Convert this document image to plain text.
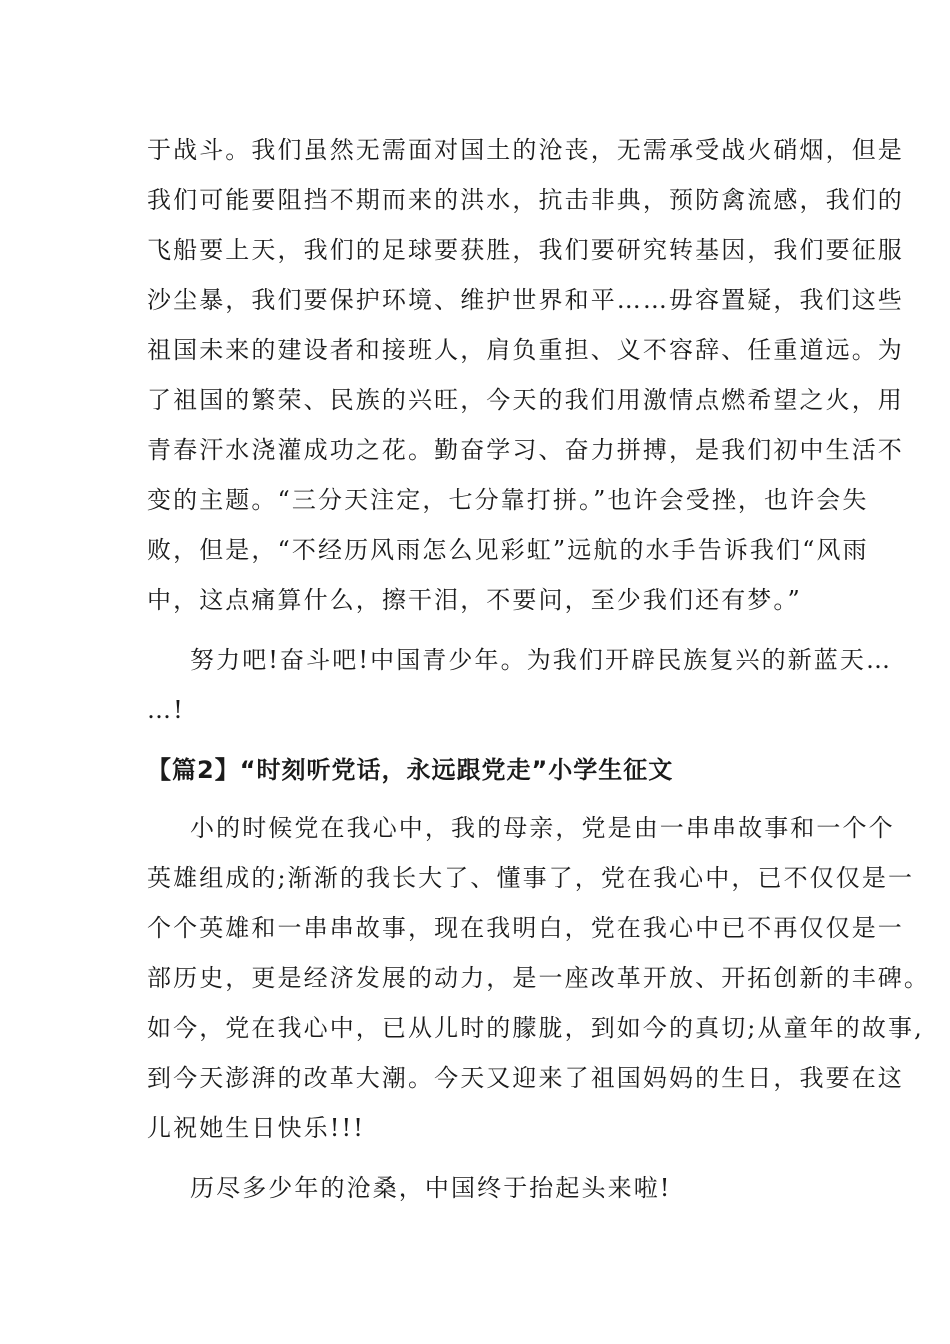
于战斗。我们虽然无需面对国土的沧丧，无需承受战火硝烟，但是
我们可能要阻挡不期而来的洪水，抗击非典，预防禽流感，我们的
飞船要上天，我们的足球要获胜，我们要研究转基因，我们要征服
沙尘暴，我们要保护环境、维护世界和平……毋容置疑，我们这些
祖国未来的建设者和接班人，肩负重担、义不容辞、任重道远。为
了祖国的繁荣、民族的兴旺，今天的我们用激情点燃希望之火，用
青春汗水浇灌成功之花。勤奋学习、奋力拼搏，是我们初中生活不
变的主题。“三分天注定，七分靠打拼。”也许会受挫，也许会失
败，但是，“不经历风雨怎么见彩虹”远航的水手告诉我们“风雨
中，这点痛算什么，擦干泪，不要问，至少我们还有梦。”
努力吧!奋斗吧!中国青少年。为我们开辟民族复兴的新蓝天…
…!
【篇2】“时刻听党话，永远跟党走”小学生征文
小的时候党在我心中，我的母亲，党是由一串串故事和一个个
英雄组成的;渐渐的我长大了、懂事了，党在我心中，已不仅仅是一
个个英雄和一串串故事，现在我明白，党在我心中已不再仅仅是一
部历史，更是经济发展的动力，是一座改革开放、开拓创新的丰碑。
如今，党在我心中，已从儿时的朦胧，到如今的真切;从童年的故事,
到今天澎湃的改革大潮。今天又迎来了祖国妈妈的生日，我要在这
儿祝她生日快乐!!!
历尽多少年的沧桑，中国终于抬起头来啦!
